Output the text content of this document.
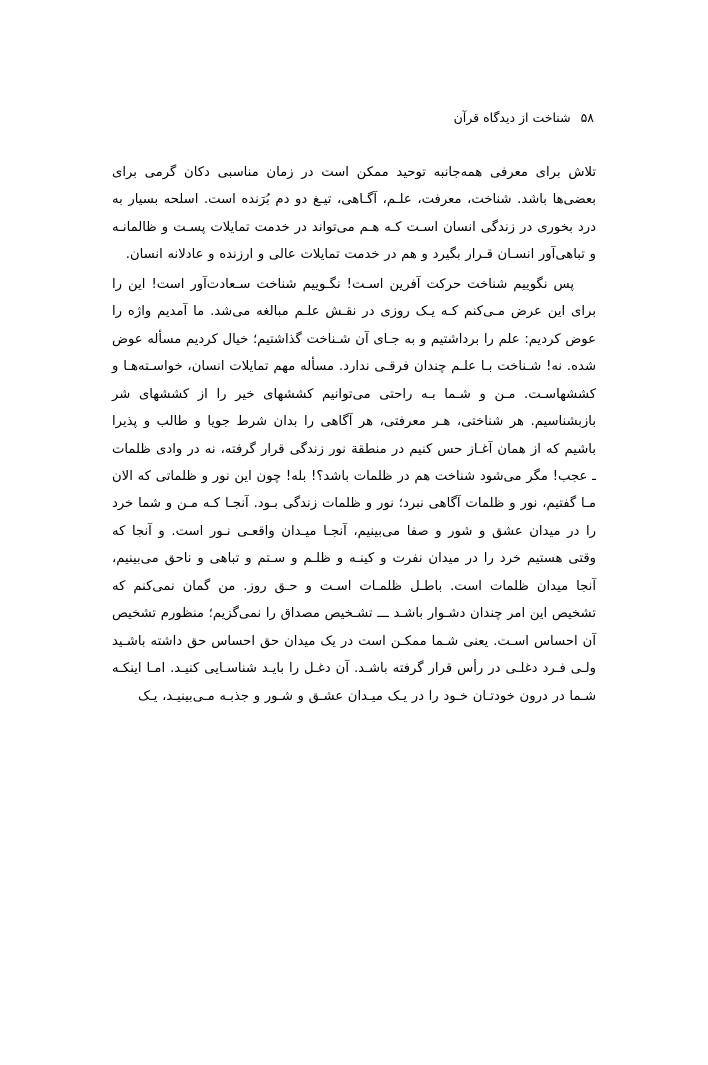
۵۸
شناخت از دیدگاه قرآن

تلاش برای معرفی همه‌جانبه توحید ممکن است در زمان مناسبی دکان گرمی برای بعضی‌ها باشد. شناخت، معرفت، علـم، آگـاهی، تیـغ دو دم بُرَنده است. اسلحه بسیار به درد بخوری در زندگی انسان اسـت کـه هـم می‌تواند در خدمت تمایلات پسـت و ظالمانـه و تباهی‌آور انسـان قـرار بگیرد و هم در خدمت تمایلات عالی و ارزنده و عادلانه انسان.

پس نگوییم شناخت حرکت آفرین اسـت! نگـوییم شناخت سـعادت‌آور است! این را برای این عرض مـی‌کنم کـه یـک روزی در نقـش علـم مبالغه می‌شد. ما آمدیم واژه را عوض کردیم: علم را برداشتیم و به جـای آن شـناخت گذاشتیم؛ خیال کردیم مسأله عوض شده. نه! شـناخت بـا علـم چندان فرقـی ندارد. مسأله مهم تمایلات انسان، خواسـته‌هـا و کششهاسـت. مـن و شـما بـه راحتی می‌توانیم کششهای خیر را از کششهای شر بازبشناسیم. هر شناختی، هـر معرفتی، هر آگاهی را بدان شرط جویا و طالب و پذیرا باشیم که از همان آغـاز حس کنیم در منطقة نور زندگی قرار گرفته، نه در وادی ظلمات ـ عجب! مگر می‌شود شناخت هم در ظلمات باشد؟! بله! چون این نور و ظلماتی که الان مـا گفتیم، نور و ظلمات آگاهی نبرد؛ نور و ظلمات زندگی بـود. آنجـا کـه مـن و شما خرد را در میدان عشق و شور و صفا می‌بینیم، آنجـا میـدان واقعـی نـور است. و آنجا که وقتی هستیم خرد را در میدان نفرت و کینـه و ظلـم و سـتم و تباهی و ناحق می‌بینیم، آنجا میدان ظلمات است. باطـل ظلمـات اسـت و حـق روز. من گمان نمی‌کنم که تشخیص این امر چندان دشـوار باشـد ـــ تشـخیص مصداق را نمی‌گزیم؛ منظورم تشخیص آن احساس اسـت. یعنی شـما ممکـن است در یک میدان حق احساس حق داشته باشـید ولـی فـرد دغلـی در رأس قرار گرفته باشـد. آن دغـل را بایـد شناسـایی کنیـد. امـا اینکـه شـما در درون خودتـان خـود را در یـک میـدان عشـق و شـور و جذبـه مـی‌بینیـد، یـک
